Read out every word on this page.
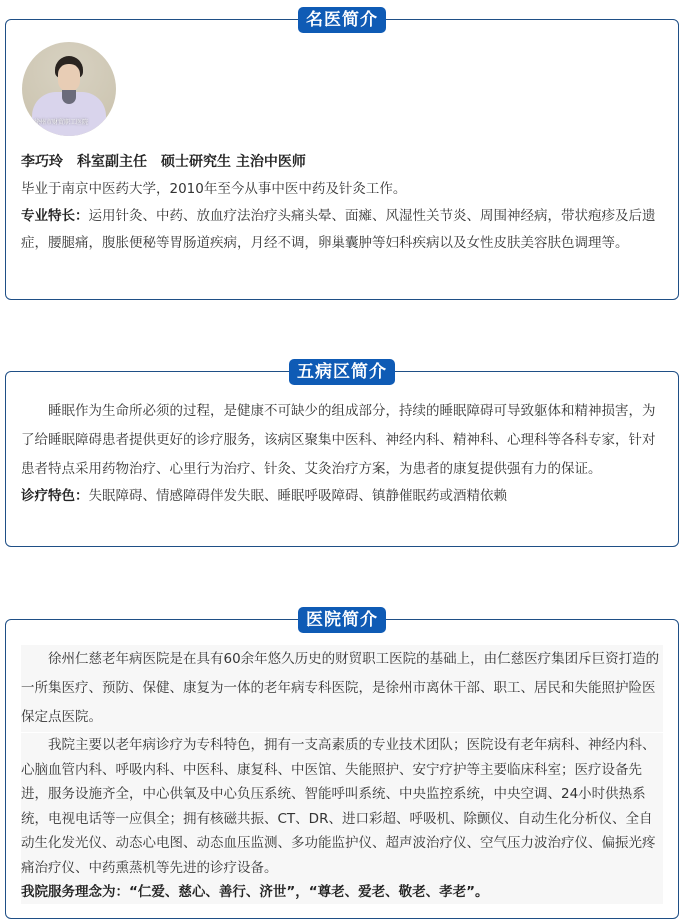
名医简介
徐州市财贸职工医院
李巧玲　科室副主任　硕士研究生 主治中医师
毕业于南京中医药大学，2010年至今从事中医中药及针灸工作。
专业特长：运用针灸、中药、放血疗法治疗头痛头晕、面瘫、风湿性关节炎、周围神经病，带状疱疹及后遗症，腰腿痛，腹胀便秘等胃肠道疾病，月经不调，卵巢囊肿等妇科疾病以及女性皮肤美容肤色调理等。
五病区简介
睡眠作为生命所必须的过程，是健康不可缺少的组成部分，持续的睡眠障碍可导致躯体和精神损害，为了给睡眠障碍患者提供更好的诊疗服务，该病区聚集中医科、神经内科、精神科、心理科等各科专家，针对患者特点采用药物治疗、心里行为治疗、针灸、艾灸治疗方案，为患者的康复提供强有力的保证。
诊疗特色：失眠障碍、情感障碍伴发失眠、睡眠呼吸障碍、镇静催眠药或酒精依赖
医院简介
徐州仁慈老年病医院是在具有60余年悠久历史的财贸职工医院的基础上，由仁慈医疗集团斥巨资打造的一所集医疗、预防、保健、康复为一体的老年病专科医院，是徐州市离休干部、职工、居民和失能照护险医保定点医院。
我院主要以老年病诊疗为专科特色，拥有一支高素质的专业技术团队；医院设有老年病科、神经内科、心脑血管内科、呼吸内科、中医科、康复科、中医馆、失能照护、安宁疗护等主要临床科室；医疗设备先进，服务设施齐全，中心供氧及中心负压系统、智能呼叫系统、中央监控系统，中央空调、24小时供热系统，电视电话等一应俱全；拥有核磁共振、CT、DR、进口彩超、呼吸机、除颤仪、自动生化分析仪、全自动生化发光仪、动态心电图、动态血压监测、多功能监护仪、超声波治疗仪、空气压力波治疗仪、偏振光疼痛治疗仪、中药熏蒸机等先进的诊疗设备。
我院服务理念为：“仁爱、慈心、善行、济世”，“尊老、爱老、敬老、孝老”。
